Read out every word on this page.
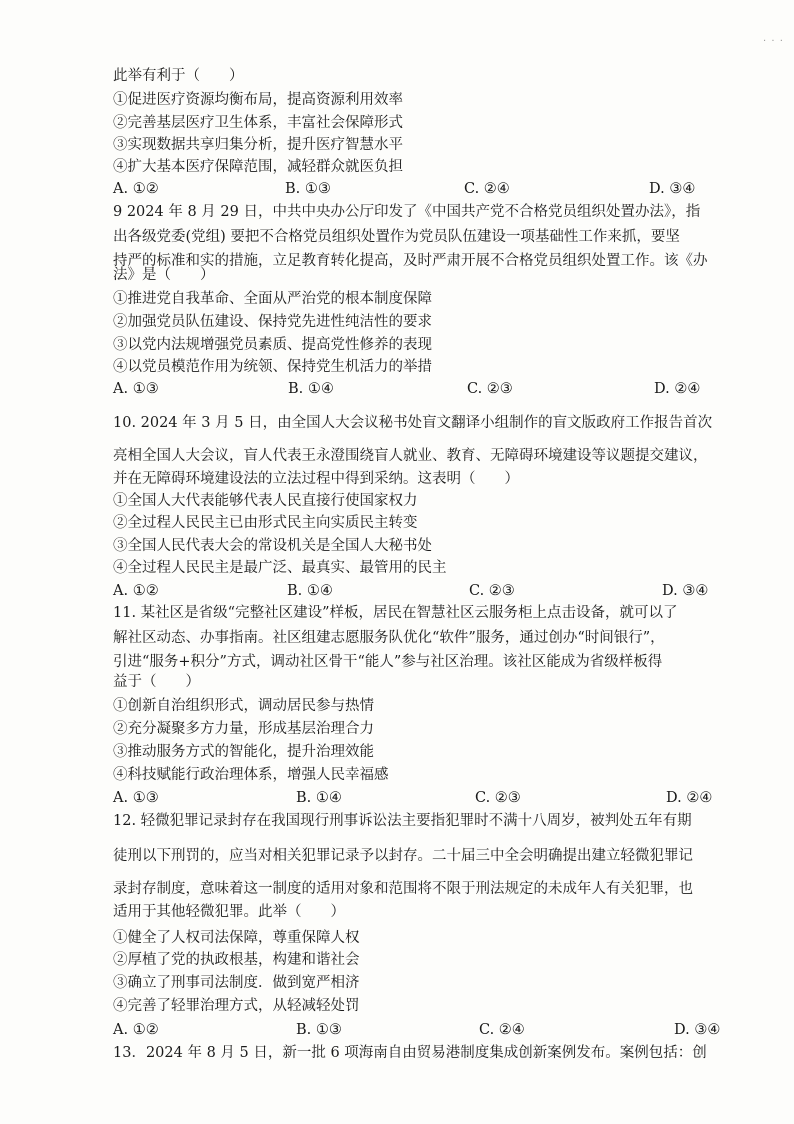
· · ·
此举有利于（　　）
①促进医疗资源均衡布局，提高资源利用效率
②完善基层医疗卫生体系，丰富社会保障形式
③实现数据共享归集分析，提升医疗智慧水平
④扩大基本医疗保障范围，减轻群众就医负担
A. ①②	B. ①③	C. ②④	D. ③④
9 2024 年 8 月 29 日，中共中央办公厅印发了《中国共产党不合格党员组织处置办法》，指
出各级党委(党组) 要把不合格党员组织处置作为党员队伍建设一项基础性工作来抓，要坚
持严的标准和实的措施，立足教育转化提高，及时严肃开展不合格党员组织处置工作。该《办
法》是（　　）
①推进党自我革命、全面从严治党的根本制度保障
②加强党员队伍建设、保持党先进性纯洁性的要求
③以党内法规增强党员素质、提高党性修养的表现
④以党员模范作用为统领、保持党生机活力的举措
A. ①③	B. ①④	C. ②③	D. ②④
10. 2024 年 3 月 5 日，由全国人大会议秘书处盲文翻译小组制作的盲文版政府工作报告首次
亮相全国人大会议，盲人代表王永澄围绕盲人就业、教育、无障碍环境建设等议题提交建议，
并在无障碍环境建设法的立法过程中得到采纳。这表明（　　）
①全国人大代表能够代表人民直接行使国家权力
②全过程人民民主已由形式民主向实质民主转变
③全国人民代表大会的常设机关是全国人大秘书处
④全过程人民民主是最广泛、最真实、最管用的民主
A. ①②	B. ①④	C. ②③	D. ③④
11. 某社区是省级“完整社区建设”样板，居民在智慧社区云服务柜上点击设备，就可以了
解社区动态、办事指南。社区组建志愿服务队优化“软件”服务，通过创办“时间银行”，
引进“服务+积分”方式，调动社区骨干“能人”参与社区治理。该社区能成为省级样板得
益于（　　）
①创新自治组织形式，调动居民参与热情
②充分凝聚多方力量，形成基层治理合力
③推动服务方式的智能化，提升治理效能
④科技赋能行政治理体系，增强人民幸福感
A. ①③	B. ①④	C. ②③	D. ②④
12. 轻微犯罪记录封存在我国现行刑事诉讼法主要指犯罪时不满十八周岁，被判处五年有期
徒刑以下刑罚的，应当对相关犯罪记录予以封存。二十届三中全会明确提出建立轻微犯罪记
录封存制度，意味着这一制度的适用对象和范围将不限于刑法规定的未成年人有关犯罪，也
适用于其他轻微犯罪。此举（　　）
①健全了人权司法保障，尊重保障人权
②厚植了党的执政根基，构建和谐社会
③确立了刑事司法制度．做到宽严相济
④完善了轻罪治理方式，从轻减轻处罚
A. ①②	B. ①③	C. ②④	D. ③④
13．2024 年 8 月 5 日，新一批 6 项海南自由贸易港制度集成创新案例发布。案例包括：创
